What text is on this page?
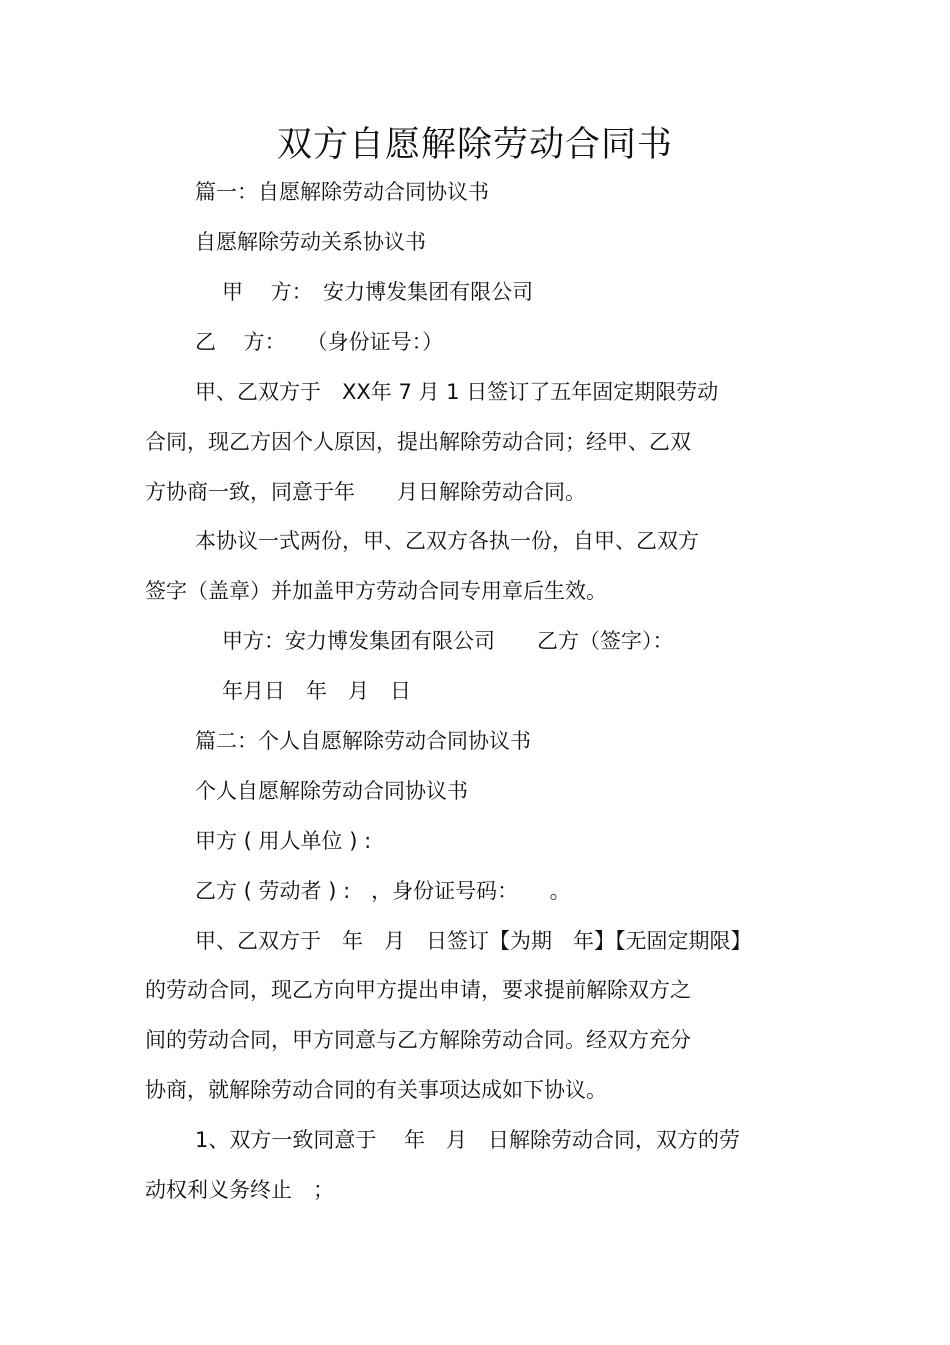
双方自愿解除劳动合同书

篇一：自愿解除劳动合同协议书

自愿解除劳动关系协议书

甲　 方：　安力博发集团有限公司

乙　 方：　　（身份证号：）

甲、乙双方于　XX年 7 月 1 日签订了五年固定期限劳动

合同，现乙方因个人原因，提出解除劳动合同；经甲、乙双

方协商一致，同意于年　　月日解除劳动合同。

本协议一式两份，甲、乙双方各执一份，自甲、乙双方

签字（盖章）并加盖甲方劳动合同专用章后生效。

甲方：安力博发集团有限公司　　乙方（签字）：

年月日　年　月　日

篇二：个人自愿解除劳动合同协议书

个人自愿解除劳动合同协议书

甲方 ( 用人单位 ) :

乙方 ( 劳动者 ) :　，身份证号码：　　。

甲、乙双方于　年　月　日签订【为期　年】【无固定期限】

的劳动合同，现乙方向甲方提出申请，要求提前解除双方之

间的劳动合同，甲方同意与乙方解除劳动合同。经双方充分

协商，就解除劳动合同的有关事项达成如下协议。

1、双方一致同意于　 年　月　日解除劳动合同，双方的劳

动权利义务终止　；
